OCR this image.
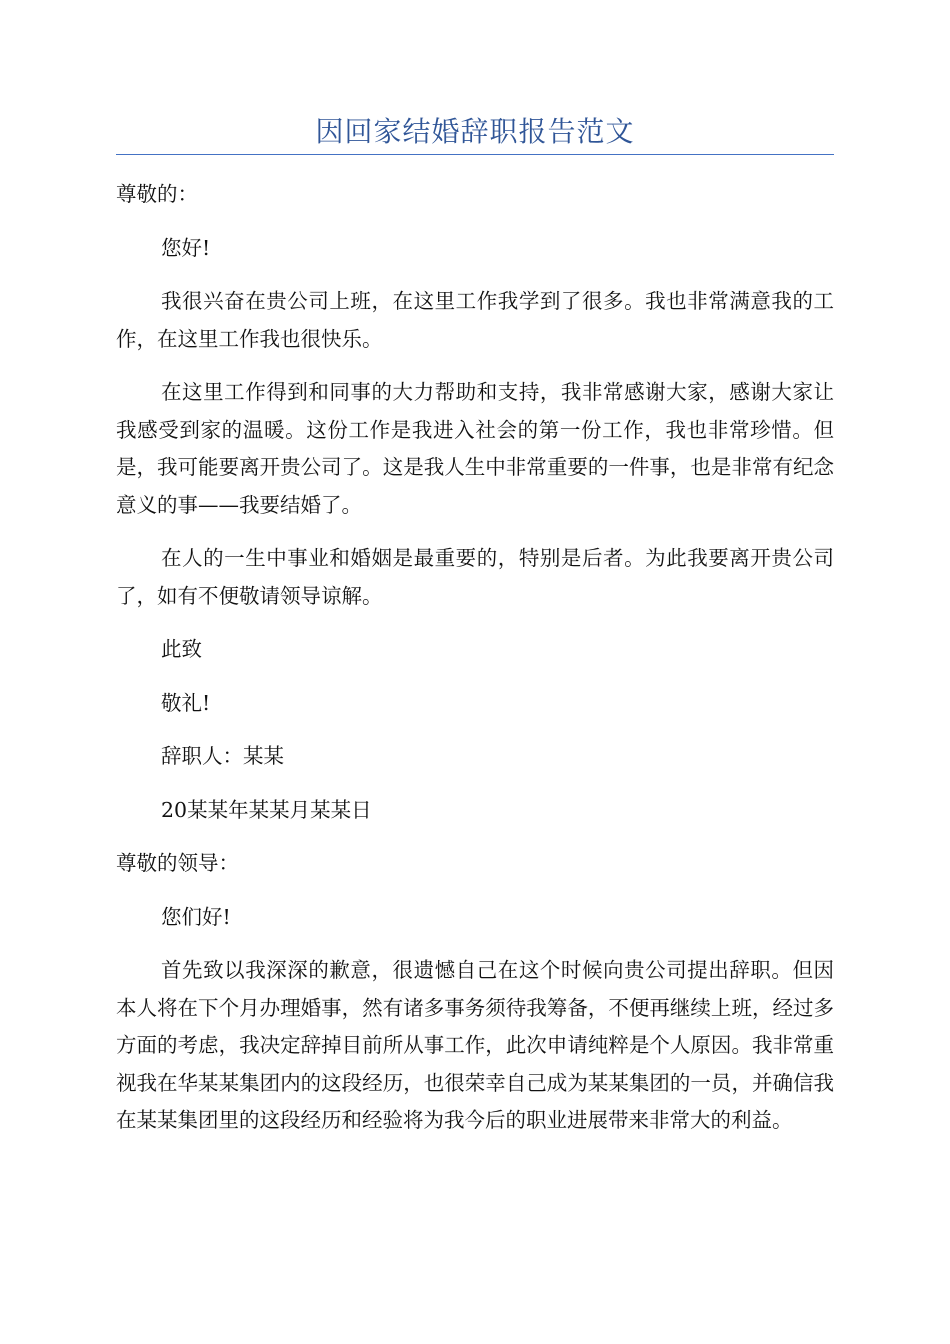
因回家结婚辞职报告范文

尊敬的：

您好!

我很兴奋在贵公司上班，在这里工作我学到了很多。我也非常满意我的工作，在这里工作我也很快乐。

在这里工作得到和同事的大力帮助和支持，我非常感谢大家，感谢大家让我感受到家的温暖。这份工作是我进入社会的第一份工作，我也非常珍惜。但是，我可能要离开贵公司了。这是我人生中非常重要的一件事，也是非常有纪念意义的事——我要结婚了。

在人的一生中事业和婚姻是最重要的，特别是后者。为此我要离开贵公司了，如有不便敬请领导谅解。

此致

敬礼!

辞职人：某某

20某某年某某月某某日

尊敬的领导：

您们好!

首先致以我深深的歉意，很遗憾自己在这个时候向贵公司提出辞职。但因本人将在下个月办理婚事，然有诸多事务须待我筹备，不便再继续上班，经过多方面的考虑，我决定辞掉目前所从事工作，此次申请纯粹是个人原因。我非常重视我在华某某集团内的这段经历，也很荣幸自己成为某某集团的一员，并确信我在某某集团里的这段经历和经验将为我今后的职业进展带来非常大的利益。
